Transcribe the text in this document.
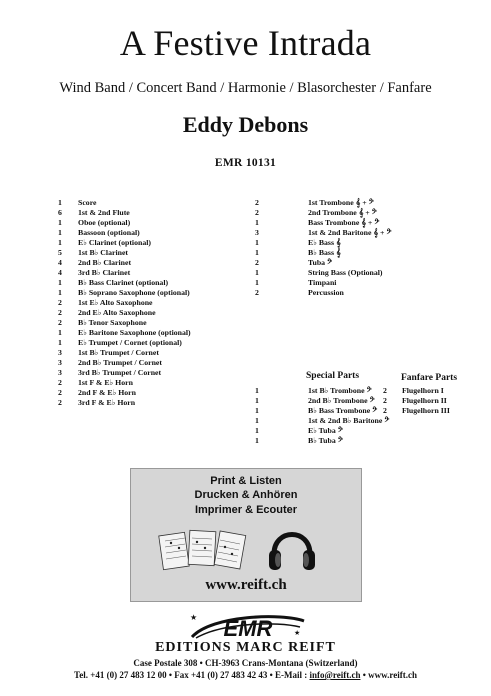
A Festive Intrada
Wind Band / Concert Band / Harmonie / Blasorchester / Fanfare
Eddy Debons
EMR 10131
1 Score
6 1st & 2nd Flute
1 Oboe (optional)
1 Bassoon (optional)
1 E♭ Clarinet (optional)
5 1st B♭ Clarinet
4 2nd B♭ Clarinet
4 3rd B♭ Clarinet
1 B♭ Bass Clarinet (optional)
1 B♭ Soprano Saxophone (optional)
2 1st E♭ Alto Saxophone
2 2nd E♭ Alto Saxophone
2 B♭ Tenor Saxophone
1 E♭ Baritone Saxophone (optional)
1 E♭ Trumpet / Cornet (optional)
3 1st B♭ Trumpet / Cornet
3 2nd B♭ Trumpet / Cornet
3 3rd B♭ Trumpet / Cornet
2 1st F & E♭ Horn
2 2nd F & E♭ Horn
2 3rd F & E♭ Horn
2	1st Trombone 𝄞 + 𝄢
2	2nd Trombone 𝄞 + 𝄢
1	Bass Trombone 𝄞 + 𝄢
3	1st & 2nd Baritone 𝄞 + 𝄢
1	E♭ Bass 𝄞
1	B♭ Bass 𝄞
2	Tuba 𝄢
1	String Bass (Optional)
1	Timpani
2	Percussion
Special Parts	Fanfare Parts
1	1st B♭ Trombone 𝄢
1	2nd B♭ Trombone 𝄢
1	B♭ Bass Trombone 𝄢
1	1st & 2nd B♭ Baritone 𝄢
1	E♭ Tuba 𝄢
1	B♭ Tuba 𝄢
2 Flugelhorn I
2 Flugelhorn II
2 Flugelhorn III
Print & Listen
Drucken & Anhören
Imprimer & Ecouter
www.reift.ch
EMR
★
★
EDITIONS MARC REIFT
Case Postale 308 • CH-3963 Crans-Montana (Switzerland)
Tel. +41 (0) 27 483 12 00 • Fax +41 (0) 27 483 42 43 • E-Mail : info@reift.ch • www.reift.ch
